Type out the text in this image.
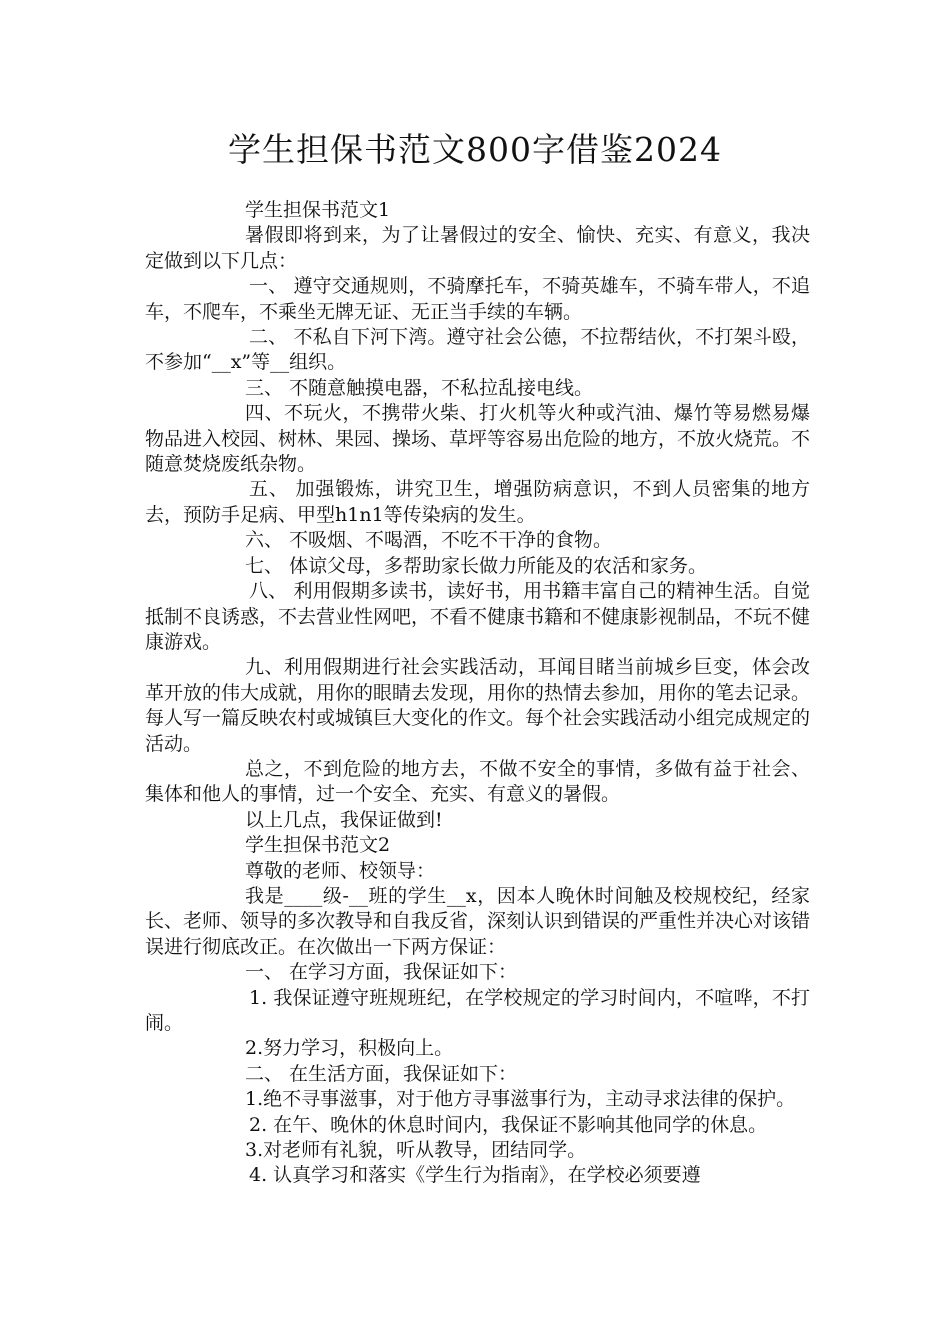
学生担保书范文800字借鉴2024

学生担保书范文1

暑假即将到来，为了让暑假过的安全、愉快、充实、有意义，我决定做到以下几点：

一、 遵守交通规则，不骑摩托车，不骑英雄车，不骑车带人，不追车，不爬车，不乘坐无牌无证、无正当手续的车辆。

二、 不私自下河下湾。遵守社会公德，不拉帮结伙，不打架斗殴，不参加“__x”等__组织。

三、 不随意触摸电器，不私拉乱接电线。

四、不玩火，不携带火柴、打火机等火种或汽油、爆竹等易燃易爆物品进入校园、树林、果园、操场、草坪等容易出危险的地方，不放火烧荒。不随意焚烧废纸杂物。

五、 加强锻炼，讲究卫生，增强防病意识，不到人员密集的地方去，预防手足病、甲型h1n1等传染病的发生。

六、 不吸烟、不喝酒，不吃不干净的食物。

七、 体谅父母，多帮助家长做力所能及的农活和家务。

八、 利用假期多读书，读好书，用书籍丰富自己的精神生活。自觉抵制不良诱惑，不去营业性网吧，不看不健康书籍和不健康影视制品，不玩不健康游戏。

九、利用假期进行社会实践活动，耳闻目睹当前城乡巨变，体会改革开放的伟大成就，用你的眼睛去发现，用你的热情去参加，用你的笔去记录。每人写一篇反映农村或城镇巨大变化的作文。每个社会实践活动小组完成规定的活动。

总之，不到危险的地方去，不做不安全的事情，多做有益于社会、集体和他人的事情，过一个安全、充实、有意义的暑假。

以上几点，我保证做到!

学生担保书范文2

尊敬的老师、校领导：

我是____级-__班的学生__x，因本人晚休时间触及校规校纪，经家长、老师、领导的多次教导和自我反省，深刻认识到错误的严重性并决心对该错误进行彻底改正。在次做出一下两方保证：

一、 在学习方面，我保证如下：

1. 我保证遵守班规班纪，在学校规定的学习时间内，不喧哗，不打闹。

2.努力学习，积极向上。

二、 在生活方面，我保证如下：

1.绝不寻事滋事，对于他方寻事滋事行为，主动寻求法律的保护。

2. 在午、晚休的休息时间内，我保证不影响其他同学的休息。

3.对老师有礼貌，听从教导，团结同学。

4. 认真学习和落实《学生行为指南》，在学校必须要遵
